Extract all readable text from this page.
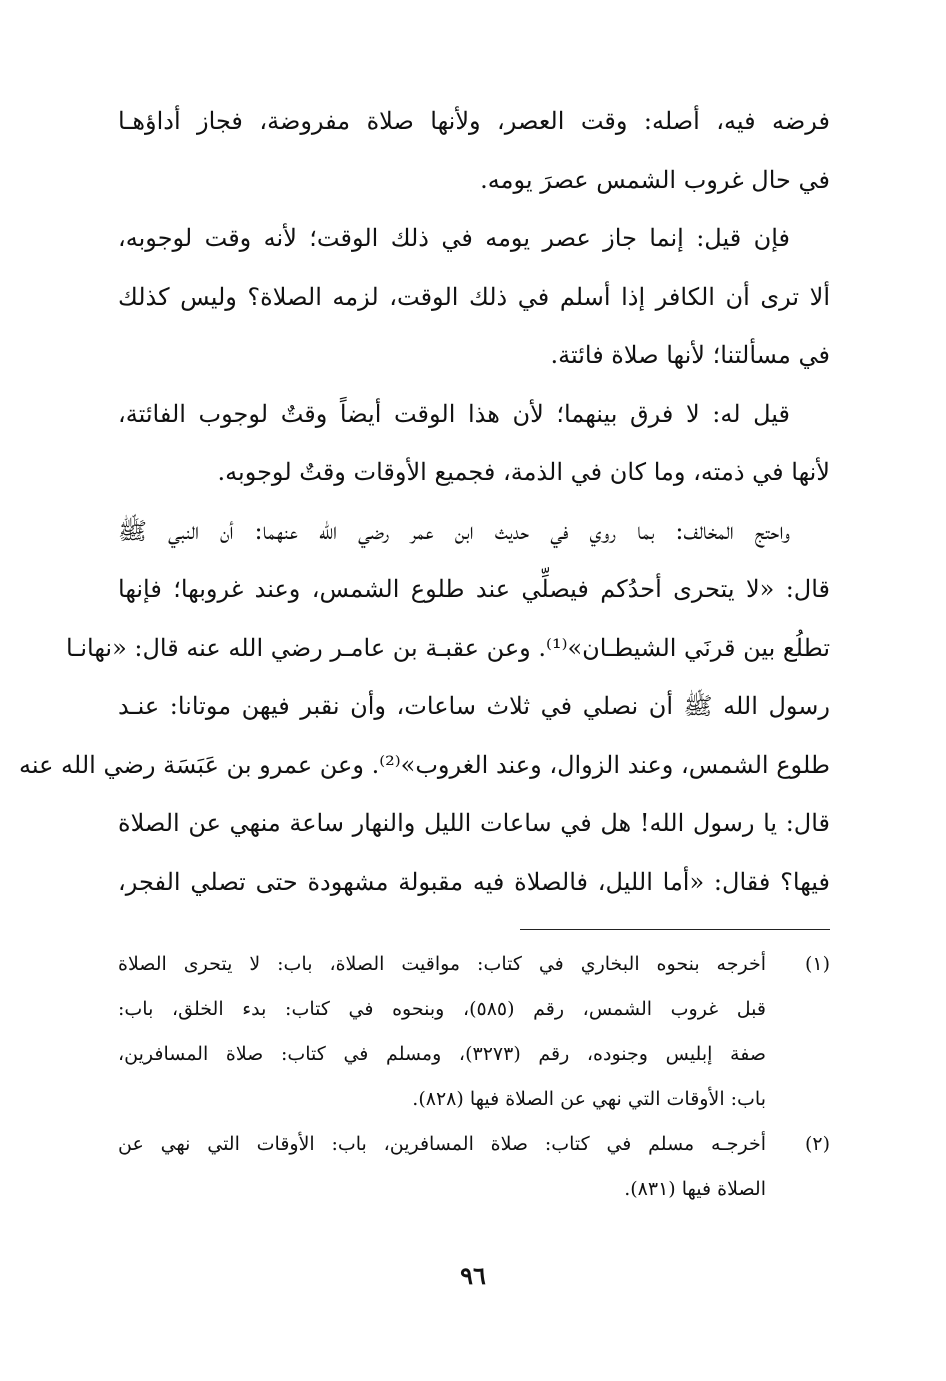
فرضه فيه، أصله: وقت العصر، ولأنها صلاة مفروضة، فجاز أداؤهـا
في حال غروب الشمس عصرَ يومه.
فإن قيل: إنما جاز عصر يومه في ذلك الوقت؛ لأنه وقت لوجوبه،
ألا ترى أن الكافر إذا أسلم في ذلك الوقت، لزمه الصلاة؟ وليس كذلك
في مسألتنا؛ لأنها صلاة فائتة.
قيل له: لا فرق بينهما؛ لأن هذا الوقت أيضاً وقتٌ لوجوب الفائتة،
لأنها في ذمته، وما كان في الذمة، فجميع الأوقات وقتٌ لوجوبه.
واحتج المخالف: بما روي في حديث ابن عمر رضي الله عنهما: أن النبي ﷺ
قال: «لا يتحرى أحدُكم فيصلِّي عند طلوع الشمس، وعند غروبها؛ فإنها
تطلُع بين قرنَي الشيطـان»⁽¹⁾. وعن عقبـة بن عامـر رضي الله عنه قال: «نهانـا
رسول الله ﷺ أن نصلي في ثلاث ساعات، وأن نقبر فيهن موتانا: عنـد
طلوع الشمس، وعند الزوال، وعند الغروب»⁽²⁾. وعن عمرو بن عَبَسَة رضي الله عنه
قال: يا رسول الله! هل في ساعات الليل والنهار ساعة منهي عن الصلاة
فيها؟ فقال: «أما الليل، فالصلاة فيه مقبولة مشهودة حتى تصلي الفجر،
(١)
أخرجه بنحوه البخاري في كتاب: مواقيت الصلاة، باب: لا يتحرى الصلاة
قبل غروب الشمس، رقم (٥٨٥)، وبنحوه في كتاب: بدء الخلق، باب:
صفة إبليس وجنوده، رقم (٣٢٧٣)، ومسلم في كتاب: صلاة المسافرين،
باب: الأوقات التي نهي عن الصلاة فيها (٨٢٨).
(٢)
أخرجـه مسلم في كتاب: صلاة المسافرين، باب: الأوقات التي نهي عن
الصلاة فيها (٨٣١).
٩٦
